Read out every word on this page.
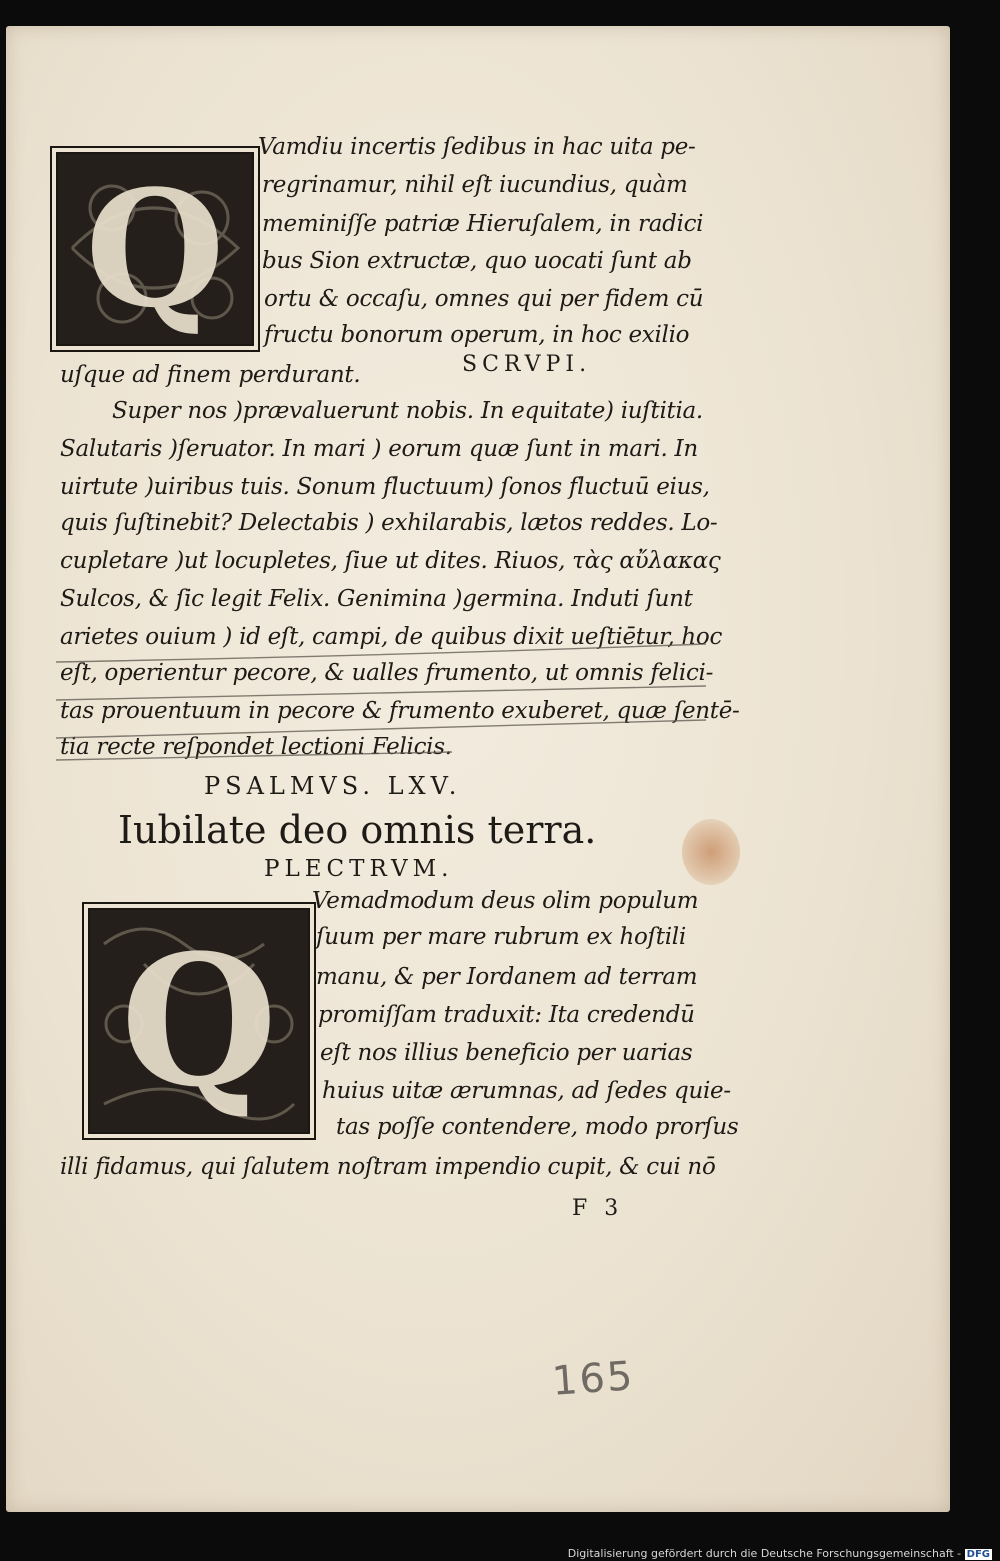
Q
Vamdiu incertis ſedibus in hac uita pe-
regrinamur, nihil eſt iucundius, quàm
meminiſſe patriæ Hieruſalem, in radici
bus Sion extructæ, quo uocati ſunt ab
ortu & occaſu, omnes qui per fidem cū
fructu bonorum operum, in hoc exilio
uſque ad finem perdurant.	SCRVPI.
Super nos )prævaluerunt nobis. In equitate) iuſtitia.
Salutaris )ſeruator. In mari ) eorum quæ ſunt in mari. In
uirtute )uiribus tuis. Sonum fluctuum) ſonos fluctuū eius,
quis ſuſtinebit? Delectabis ) exhilarabis, lætos reddes. Lo-
cupletare )ut locupletes, ſiue ut dites. Riuos, τὰς αὔλακας
Sulcos, & ſic legit Felix. Genimina )germina. Induti ſunt
arietes ouium ) id eſt, campi, de quibus dixit ueſtiētur, hoc
eſt, operientur pecore, & ualles frumento, ut omnis felici-
tas prouentuum in pecore & frumento exuberet, quæ ſentē-
tia recte reſpondet lectioni Felicis.
PSALMVS. LXV.
Iubilate deo omnis terra.
PLECTRVM.
Q
Vemadmodum deus olim populum
ſuum per mare rubrum ex hoſtili
manu, & per Iordanem ad terram
promiſſam traduxit: Ita credendū
eſt nos illius beneficio per uarias
huius uitæ ærumnas, ad ſedes quie-
tas poſſe contendere, modo prorſus
illi fidamus, qui ſalutem noſtram impendio cupit, & cui nō
F 3
165
Digitalisierung gefördert durch die Deutsche Forschungsgemeinschaft - DFG
